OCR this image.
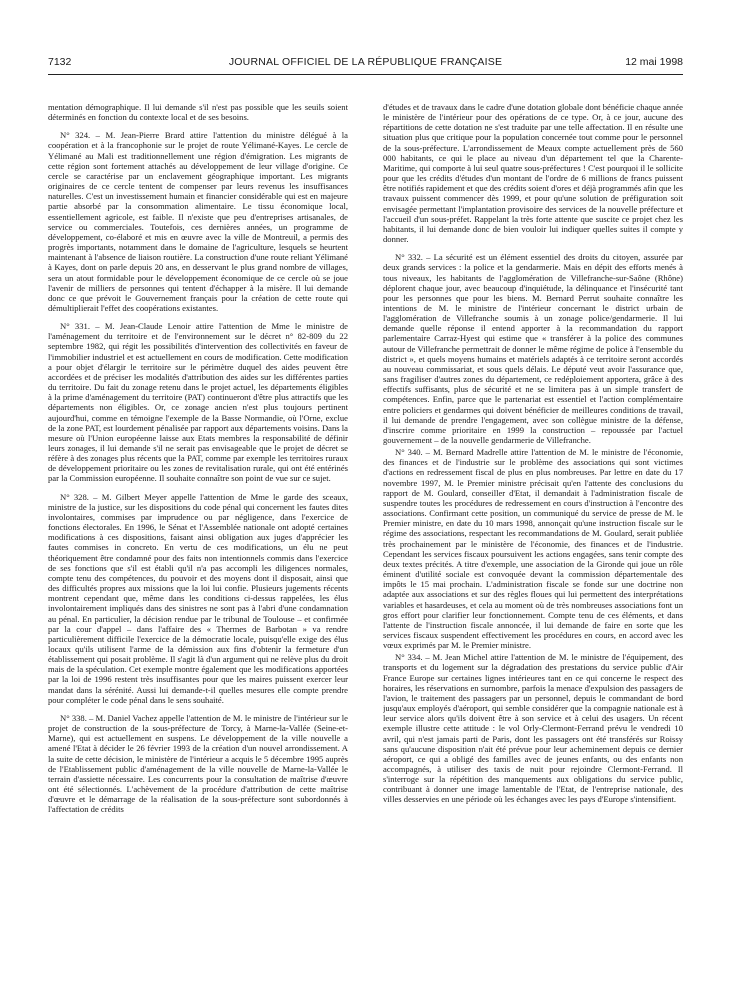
7132	JOURNAL OFFICIEL DE LA RÉPUBLIQUE FRANÇAISE	12 mai 1998

mentation démographique. Il lui demande s'il n'est pas possible que les seuils soient déterminés en fonction du contexte local et de ses besoins.

N° 324. – M. Jean-Pierre Brard attire l'attention du ministre délégué à la coopération et à la francophonie sur le projet de route Yélimané-Kayes. Le cercle de Yélimané au Mali est traditionnellement une région d'émigration. Les migrants de cette région sont fortement attachés au développement de leur village d'origine. Ce cercle se caractérise par un enclavement géographique important. Les migrants originaires de ce cercle tentent de compenser par leurs revenus les insuffisances naturelles. C'est un investissement humain et financier considérable qui est en majeure partie absorbé par la consommation alimentaire. Le tissu économique local, essentiellement agricole, est faible. Il n'existe que peu d'entreprises artisanales, de service ou commerciales. Toutefois, ces dernières années, un programme de développement, co-élaboré et mis en œuvre avec la ville de Montreuil, a permis des progrès importants, notamment dans le domaine de l'agriculture, lesquels se heurtent maintenant à l'absence de liaison routière. La construction d'une route reliant Yélimané à Kayes, dont on parle depuis 20 ans, en desservant le plus grand nombre de villages, sera un atout formidable pour le développement économique de ce cercle où se joue l'avenir de milliers de personnes qui tentent d'échapper à la misère. Il lui demande donc ce que prévoit le Gouvernement français pour la création de cette route qui démultiplierait l'effet des coopérations existantes.

N° 331. – M. Jean-Claude Lenoir attire l'attention de Mme le ministre de l'aménagement du territoire et de l'environnement sur le décret n° 82-809 du 22 septembre 1982, qui régit les possibilités d'intervention des collectivités en faveur de l'immobilier industriel et est actuellement en cours de modification. Cette modification a pour objet d'élargir le territoire sur le périmètre duquel des aides peuvent être accordées et de préciser les modalités d'attribution des aides sur les différentes parties du territoire. Du fait du zonage retenu dans le projet actuel, les départements éligibles à la prime d'aménagement du territoire (PAT) continueront d'être plus attractifs que les départements non éligibles. Or, ce zonage ancien n'est plus toujours pertinent aujourd'hui, comme en témoigne l'exemple de la Basse Normandie, où l'Orne, exclue de la zone PAT, est lourdement pénalisée par rapport aux départements voisins. Dans la mesure où l'Union européenne laisse aux Etats membres la responsabilité de définir leurs zonages, il lui demande s'il ne serait pas envisageable que le projet de décret se réfère à des zonages plus récents que la PAT, comme par exemple les territoires ruraux de développement prioritaire ou les zones de revitalisation rurale, qui ont été entérinés par la Commission européenne. Il souhaite connaître son point de vue sur ce sujet.

N° 328. – M. Gilbert Meyer appelle l'attention de Mme le garde des sceaux, ministre de la justice, sur les dispositions du code pénal qui concernent les fautes dites involontaires, commises par imprudence ou par négligence, dans l'exercice de fonctions électorales. En 1996, le Sénat et l'Assemblée nationale ont adopté certaines modifications à ces dispositions, faisant ainsi obligation aux juges d'apprécier les fautes commises in concreto. En vertu de ces modifications, un élu ne peut théoriquement être condamné pour des faits non intentionnels commis dans l'exercice de ses fonctions que s'il est établi qu'il n'a pas accompli les diligences normales, compte tenu des compétences, du pouvoir et des moyens dont il disposait, ainsi que des difficultés propres aux missions que la loi lui confie. Plusieurs jugements récents montrent cependant que, même dans les conditions ci-dessus rappelées, les élus involontairement impliqués dans des sinistres ne sont pas à l'abri d'une condamnation au pénal. En particulier, la décision rendue par le tribunal de Toulouse – et confirmée par la cour d'appel – dans l'affaire des « Thermes de Barbotan » va rendre particulièrement difficile l'exercice de la démocratie locale, puisqu'elle exige des élus locaux qu'ils utilisent l'arme de la démission aux fins d'obtenir la fermeture d'un établissement qui posait problème. Il s'agit là d'un argument qui ne relève plus du droit mais de la spéculation. Cet exemple montre également que les modifications apportées par la loi de 1996 restent très insuffisantes pour que les maires puissent exercer leur mandat dans la sérénité. Aussi lui demande-t-il quelles mesures elle compte prendre pour compléter le code pénal dans le sens souhaité.

N° 338. – M. Daniel Vachez appelle l'attention de M. le ministre de l'intérieur sur le projet de construction de la sous-préfecture de Torcy, à Marne-la-Vallée (Seine-et-Marne), qui est actuellement en suspens. Le développement de la ville nouvelle a amené l'Etat à décider le 26 février 1993 de la création d'un nouvel arrondissement. A la suite de cette décision, le ministère de l'intérieur a acquis le 5 décembre 1995 auprès de l'Etablissement public d'aménagement de la ville nouvelle de Marne-la-Vallée le terrain d'assiette nécessaire. Les concurrents pour la consultation de maîtrise d'œuvre ont été sélectionnés. L'achèvement de la procédure d'attribution de cette maîtrise d'œuvre et le démarrage de la réalisation de la sous-préfecture sont subordonnés à l'affectation de crédits

d'études et de travaux dans le cadre d'une dotation globale dont bénéficie chaque année le ministère de l'intérieur pour des opérations de ce type. Or, à ce jour, aucune des répartitions de cette dotation ne s'est traduite par une telle affectation. Il en résulte une situation plus que critique pour la population concernée tout comme pour le personnel de la sous-préfecture. L'arrondissement de Meaux compte actuellement près de 560 000 habitants, ce qui le place au niveau d'un département tel que la Charente-Maritime, qui comporte à lui seul quatre sous-préfectures ! C'est pourquoi il le sollicite pour que les crédits d'études d'un montant de l'ordre de 6 millions de francs puissent être notifiés rapidement et que des crédits soient d'ores et déjà programmés afin que les travaux puissent commencer dès 1999, et pour qu'une solution de préfiguration soit envisagée permettant l'implantation provisoire des services de la nouvelle préfecture et l'accueil d'un sous-préfet. Rappelant la très forte attente que suscite ce projet chez les habitants, il lui demande donc de bien vouloir lui indiquer quelles suites il compte y donner.

N° 332. – La sécurité est un élément essentiel des droits du citoyen, assurée par deux grands services : la police et la gendarmerie. Mais en dépit des efforts menés à tous niveaux, les habitants de l'agglomération de Villefranche-sur-Saône (Rhône) déplorent chaque jour, avec beaucoup d'inquiétude, la délinquance et l'insécurité tant pour les personnes que pour les biens. M. Bernard Perrut souhaite connaître les intentions de M. le ministre de l'intérieur concernant le district urbain de l'agglomération de Villefranche soumis à un zonage police/gendarmerie. Il lui demande quelle réponse il entend apporter à la recommandation du rapport parlementaire Carraz-Hyest qui estime que « transférer à la police des communes autour de Villefranche permettrait de donner le même régime de police à l'ensemble du district », et quels moyens humains et matériels adaptés à ce territoire seront accordés au nouveau commissariat, et sous quels délais. Le député veut avoir l'assurance que, sans fragiliser d'autres zones du département, ce redéploiement apportera, grâce à des effectifs suffisants, plus de sécurité et ne se limitera pas à un simple transfert de compétences. Enfin, parce que le partenariat est essentiel et l'action complémentaire entre policiers et gendarmes qui doivent bénéficier de meilleures conditions de travail, il lui demande de prendre l'engagement, avec son collègue ministre de la défense, d'inscrire comme prioritaire en 1999 la construction – repoussée par l'actuel gouvernement – de la nouvelle gendarmerie de Villefranche.

N° 340. – M. Bernard Madrelle attire l'attention de M. le ministre de l'économie, des finances et de l'industrie sur le problème des associations qui sont victimes d'actions en redressement fiscal de plus en plus nombreuses. Par lettre en date du 17 novembre 1997, M. le Premier ministre précisait qu'en l'attente des conclusions du rapport de M. Goulard, conseiller d'Etat, il demandait à l'administration fiscale de suspendre toutes les procédures de redressement en cours d'instruction à l'encontre des associations. Confirmant cette position, un communiqué du service de presse de M. le Premier ministre, en date du 10 mars 1998, annonçait qu'une instruction fiscale sur le régime des associations, respectant les recommandations de M. Goulard, serait publiée très prochainement par le ministère de l'économie, des finances et de l'industrie. Cependant les services fiscaux poursuivent les actions engagées, sans tenir compte des deux textes précités. A titre d'exemple, une association de la Gironde qui joue un rôle éminent d'utilité sociale est convoquée devant la commission départementale des impôts le 15 mai prochain. L'administration fiscale se fonde sur une doctrine non adaptée aux associations et sur des règles floues qui lui permettent des interprétations variables et hasardeuses, et cela au moment où de très nombreuses associations font un gros effort pour clarifier leur fonctionnement. Compte tenu de ces éléments, et dans l'attente de l'instruction fiscale annoncée, il lui demande de faire en sorte que les services fiscaux suspendent effectivement les procédures en cours, en accord avec les vœux exprimés par M. le Premier ministre.

N° 334. – M. Jean Michel attire l'attention de M. le ministre de l'équipement, des transports et du logement sur la dégradation des prestations du service public d'Air France Europe sur certaines lignes intérieures tant en ce qui concerne le respect des horaires, les réservations en surnombre, parfois la menace d'expulsion des passagers de l'avion, le traitement des passagers par un personnel, depuis le commandant de bord jusqu'aux employés d'aéroport, qui semble considérer que la compagnie nationale est à leur service alors qu'ils doivent être à son service et à celui des usagers. Un récent exemple illustre cette attitude : le vol Orly-Clermont-Ferrand prévu le vendredi 10 avril, qui n'est jamais parti de Paris, dont les passagers ont été transférés sur Roissy sans qu'aucune disposition n'ait été prévue pour leur acheminement depuis ce dernier aéroport, ce qui a obligé des familles avec de jeunes enfants, ou des enfants non accompagnés, à utiliser des taxis de nuit pour rejoindre Clermont-Ferrand. Il s'interroge sur la répétition des manquements aux obligations du service public, contribuant à donner une image lamentable de l'Etat, de l'entreprise nationale, des villes desservies en une période où les échanges avec les pays d'Europe s'intensifient.
